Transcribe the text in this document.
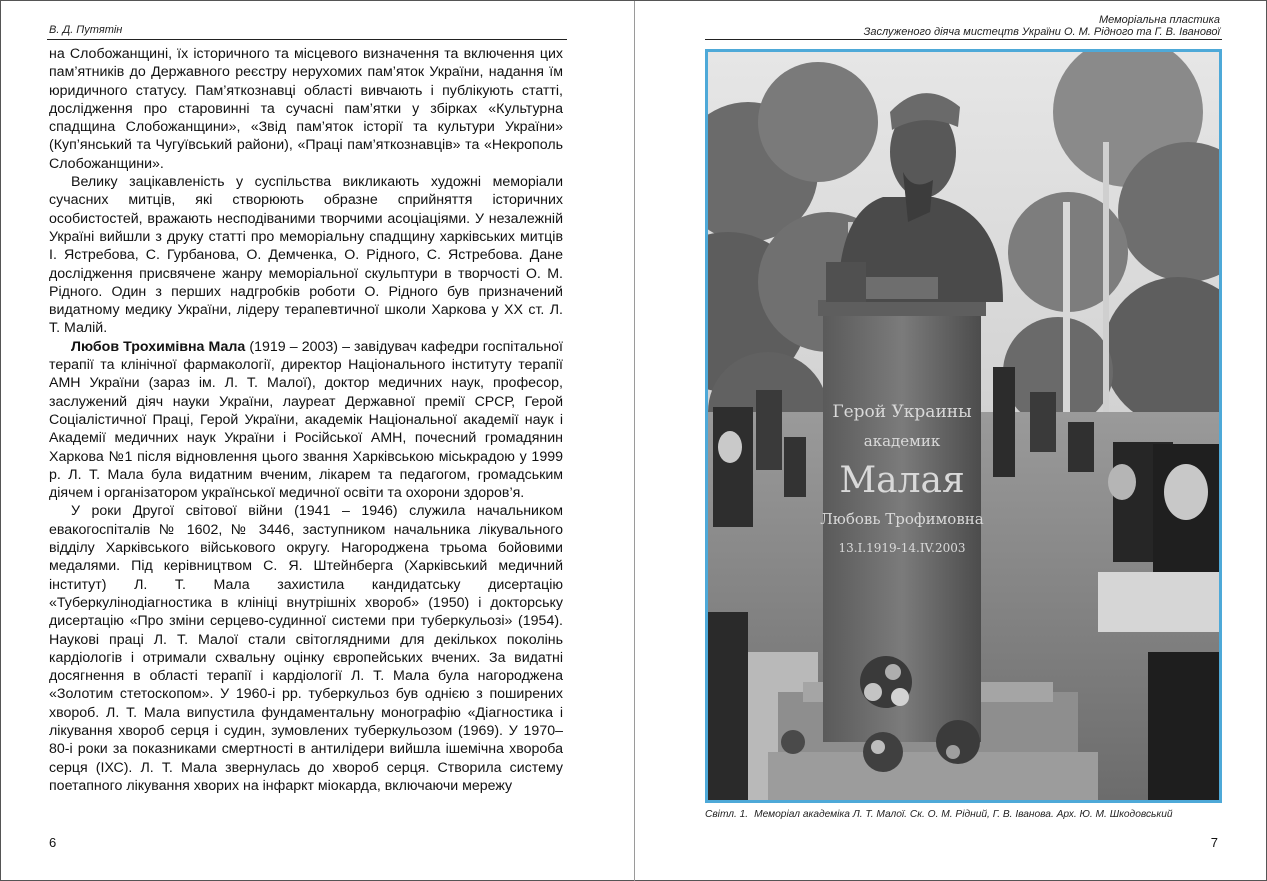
В. Д. Путятін

на Слобожанщині, їх історичного та місцевого визначення та включення цих пам’ятників до Державного реєстру нерухомих пам’яток України, надання їм юридичного статусу. Пам’яткознавці області вивчають і публікують статті, дослідження про старовинні та сучасні пам’ятки у збірках «Культурна спадщина Слобожанщини», «Звід пам’яток історії та культури України» (Куп’янський та Чугуївський райони), «Праці пам’яткознавців» та «Некрополь Слобожанщини».

Велику зацікавленість у суспільства викликають художні меморіали сучасних митців, які створюють образне сприйняття історичних особистостей, вражають несподіваними творчими асоціаціями. У незалежній Україні вийшли з друку статті про меморіальну спадщину харківських митців І. Ястребова, С. Гурбанова, О. Демченка, О. Рідного, С. Ястребова. Дане дослідження присвячене жанру меморіальної скульптури в творчості О. М. Рідного. Один з перших надгробків роботи О. Рідного був призначений видатному медику України, лідеру терапевтичної школи Харкова у XX ст. Л. Т. Малій.

Любов Трохимівна Мала (1919 – 2003) – завідувач кафедри госпітальної терапії та клінічної фармакології, директор Національного інституту терапії АМН України (зараз ім. Л. Т. Малої), доктор медичних наук, професор, заслужений діяч науки України, лауреат Державної премії СРСР, Герой Соціалістичної Праці, Герой України, академік Національної академії наук і Академії медичних наук України і Російської АМН, почесний громадянин Харкова №1 після відновлення цього звання Харківською міськрадою у 1999 р. Л. Т. Мала була видатним вченим, лікарем та педагогом, громадським діячем і організатором української медичної освіти та охорони здоров’я.

У роки Другої світової війни (1941 – 1946) служила начальником евакогоспіталів № 1602, № 3446, заступником начальника лікувального відділу Харківського військового округу. Нагороджена трьома бойовими медалями. Під керівництвом С. Я. Штейнберга (Харківський медичний інститут) Л. Т. Мала захистила кандидатську дисертацію «Туберкулінодіагностика в клініці внутрішніх хвороб» (1950) і докторську дисертацію «Про зміни серцево-судинної системи при туберкульозі» (1954). Наукові праці Л. Т. Малої стали світоглядними для декількох поколінь кардіологів і отримали схвальну оцінку європейських вчених. За видатні досягнення в області терапії і кардіології Л. Т. Мала була нагороджена «Золотим стетоскопом». У 1960-і рр. туберкульоз був однією з поширених хвороб. Л. Т. Мала випустила фундаментальну монографію «Діагностика і лікування хвороб серця і судин, зумовлених туберкульозом (1969). У 1970–80-і роки за показниками смертності в антилідери вийшла ішемічна хвороба серця (ІХС). Л. Т. Мала звернулась до хвороб серця. Створила систему поетапного лікування хворих на інфаркт міокарда, включаючи мережу

6
Меморіальна пластика
Заслуженого діяча мистецтв України О. М. Рідного та Г. В. Іванової
Герой Украины
академик
Малая
Любовь Трофимовна
13.I.1919-14.IV.2003
Світл. 1. Меморіал академіка Л. Т. Малої. Ск. О. М. Рідний, Г. В. Іванова. Арх. Ю. М. Шкодовський
7
